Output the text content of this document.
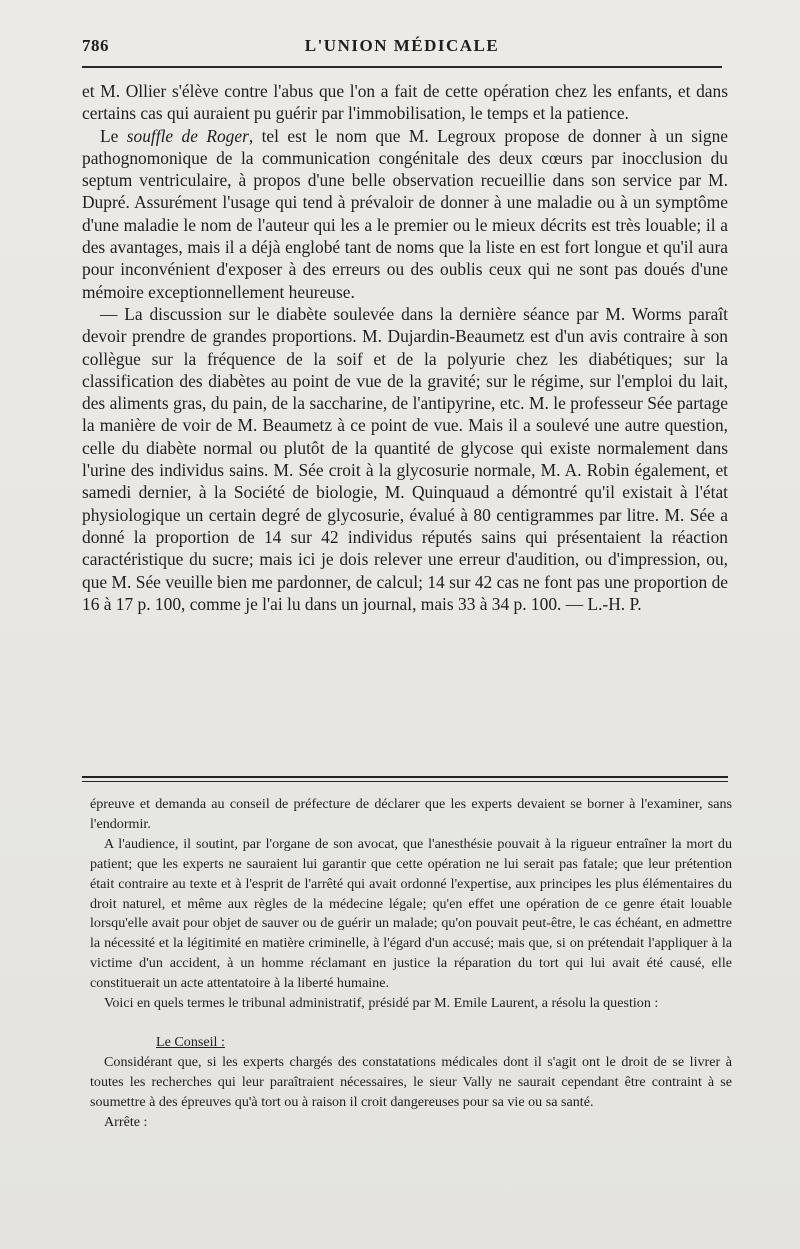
786	L'UNION MÉDICALE

et M. Ollier s'élève contre l'abus que l'on a fait de cette opération chez les enfants, et dans certains cas qui auraient pu guérir par l'immobilisation, le temps et la patience.

Le souffle de Roger, tel est le nom que M. Legroux propose de donner à un signe pathognomonique de la communication congénitale des deux cœurs par inocclusion du septum ventriculaire, à propos d'une belle observation recueillie dans son service par M. Dupré. Assurément l'usage qui tend à prévaloir de donner à une maladie ou à un symptôme d'une maladie le nom de l'auteur qui les a le premier ou le mieux décrits est très louable; il a des avantages, mais il a déjà englobé tant de noms que la liste en est fort longue et qu'il aura pour inconvénient d'exposer à des erreurs ou des oublis ceux qui ne sont pas doués d'une mémoire exceptionnellement heureuse.

— La discussion sur le diabète soulevée dans la dernière séance par M. Worms paraît devoir prendre de grandes proportions. M. Dujardin-Beaumetz est d'un avis contraire à son collègue sur la fréquence de la soif et de la polyurie chez les diabétiques; sur la classification des diabètes au point de vue de la gravité; sur le régime, sur l'emploi du lait, des aliments gras, du pain, de la saccharine, de l'antipyrine, etc. M. le professeur Sée partage la manière de voir de M. Beaumetz à ce point de vue. Mais il a soulevé une autre question, celle du diabète normal ou plutôt de la quantité de glycose qui existe normalement dans l'urine des individus sains. M. Sée croit à la glycosurie normale, M. A. Robin également, et samedi dernier, à la Société de biologie, M. Quinquaud a démontré qu'il existait à l'état physiologique un certain degré de glycosurie, évalué à 80 centigrammes par litre. M. Sée a donné la proportion de 14 sur 42 individus réputés sains qui présentaient la réaction caractéristique du sucre; mais ici je dois relever une erreur d'audition, ou d'impression, ou, que M. Sée veuille bien me pardonner, de calcul; 14 sur 42 cas ne font pas une proportion de 16 à 17 p. 100, comme je l'ai lu dans un journal, mais 33 à 34 p. 100. — L.-H. P.

épreuve et demanda au conseil de préfecture de déclarer que les experts devaient se borner à l'examiner, sans l'endormir.

A l'audience, il soutint, par l'organe de son avocat, que l'anesthésie pouvait à la rigueur entraîner la mort du patient; que les experts ne sauraient lui garantir que cette opération ne lui serait pas fatale; que leur prétention était contraire au texte et à l'esprit de l'arrêté qui avait ordonné l'expertise, aux principes les plus élémentaires du droit naturel, et même aux règles de la médecine légale; qu'en effet une opération de ce genre était louable lorsqu'elle avait pour objet de sauver ou de guérir un malade; qu'on pouvait peut-être, le cas échéant, en admettre la nécessité et la légitimité en matière criminelle, à l'égard d'un accusé; mais que, si on prétendait l'appliquer à la victime d'un accident, à un homme réclamant en justice la réparation du tort qui lui avait été causé, elle constituerait un acte attentatoire à la liberté humaine.

Voici en quels termes le tribunal administratif, présidé par M. Emile Laurent, a résolu la question :

Le Conseil :

Considérant que, si les experts chargés des constatations médicales dont il s'agit ont le droit de se livrer à toutes les recherches qui leur paraîtraient nécessaires, le sieur Vally ne saurait cependant être contraint à se soumettre à des épreuves qu'à tort ou à raison il croit dangereuses pour sa vie ou sa santé.

Arrête :
